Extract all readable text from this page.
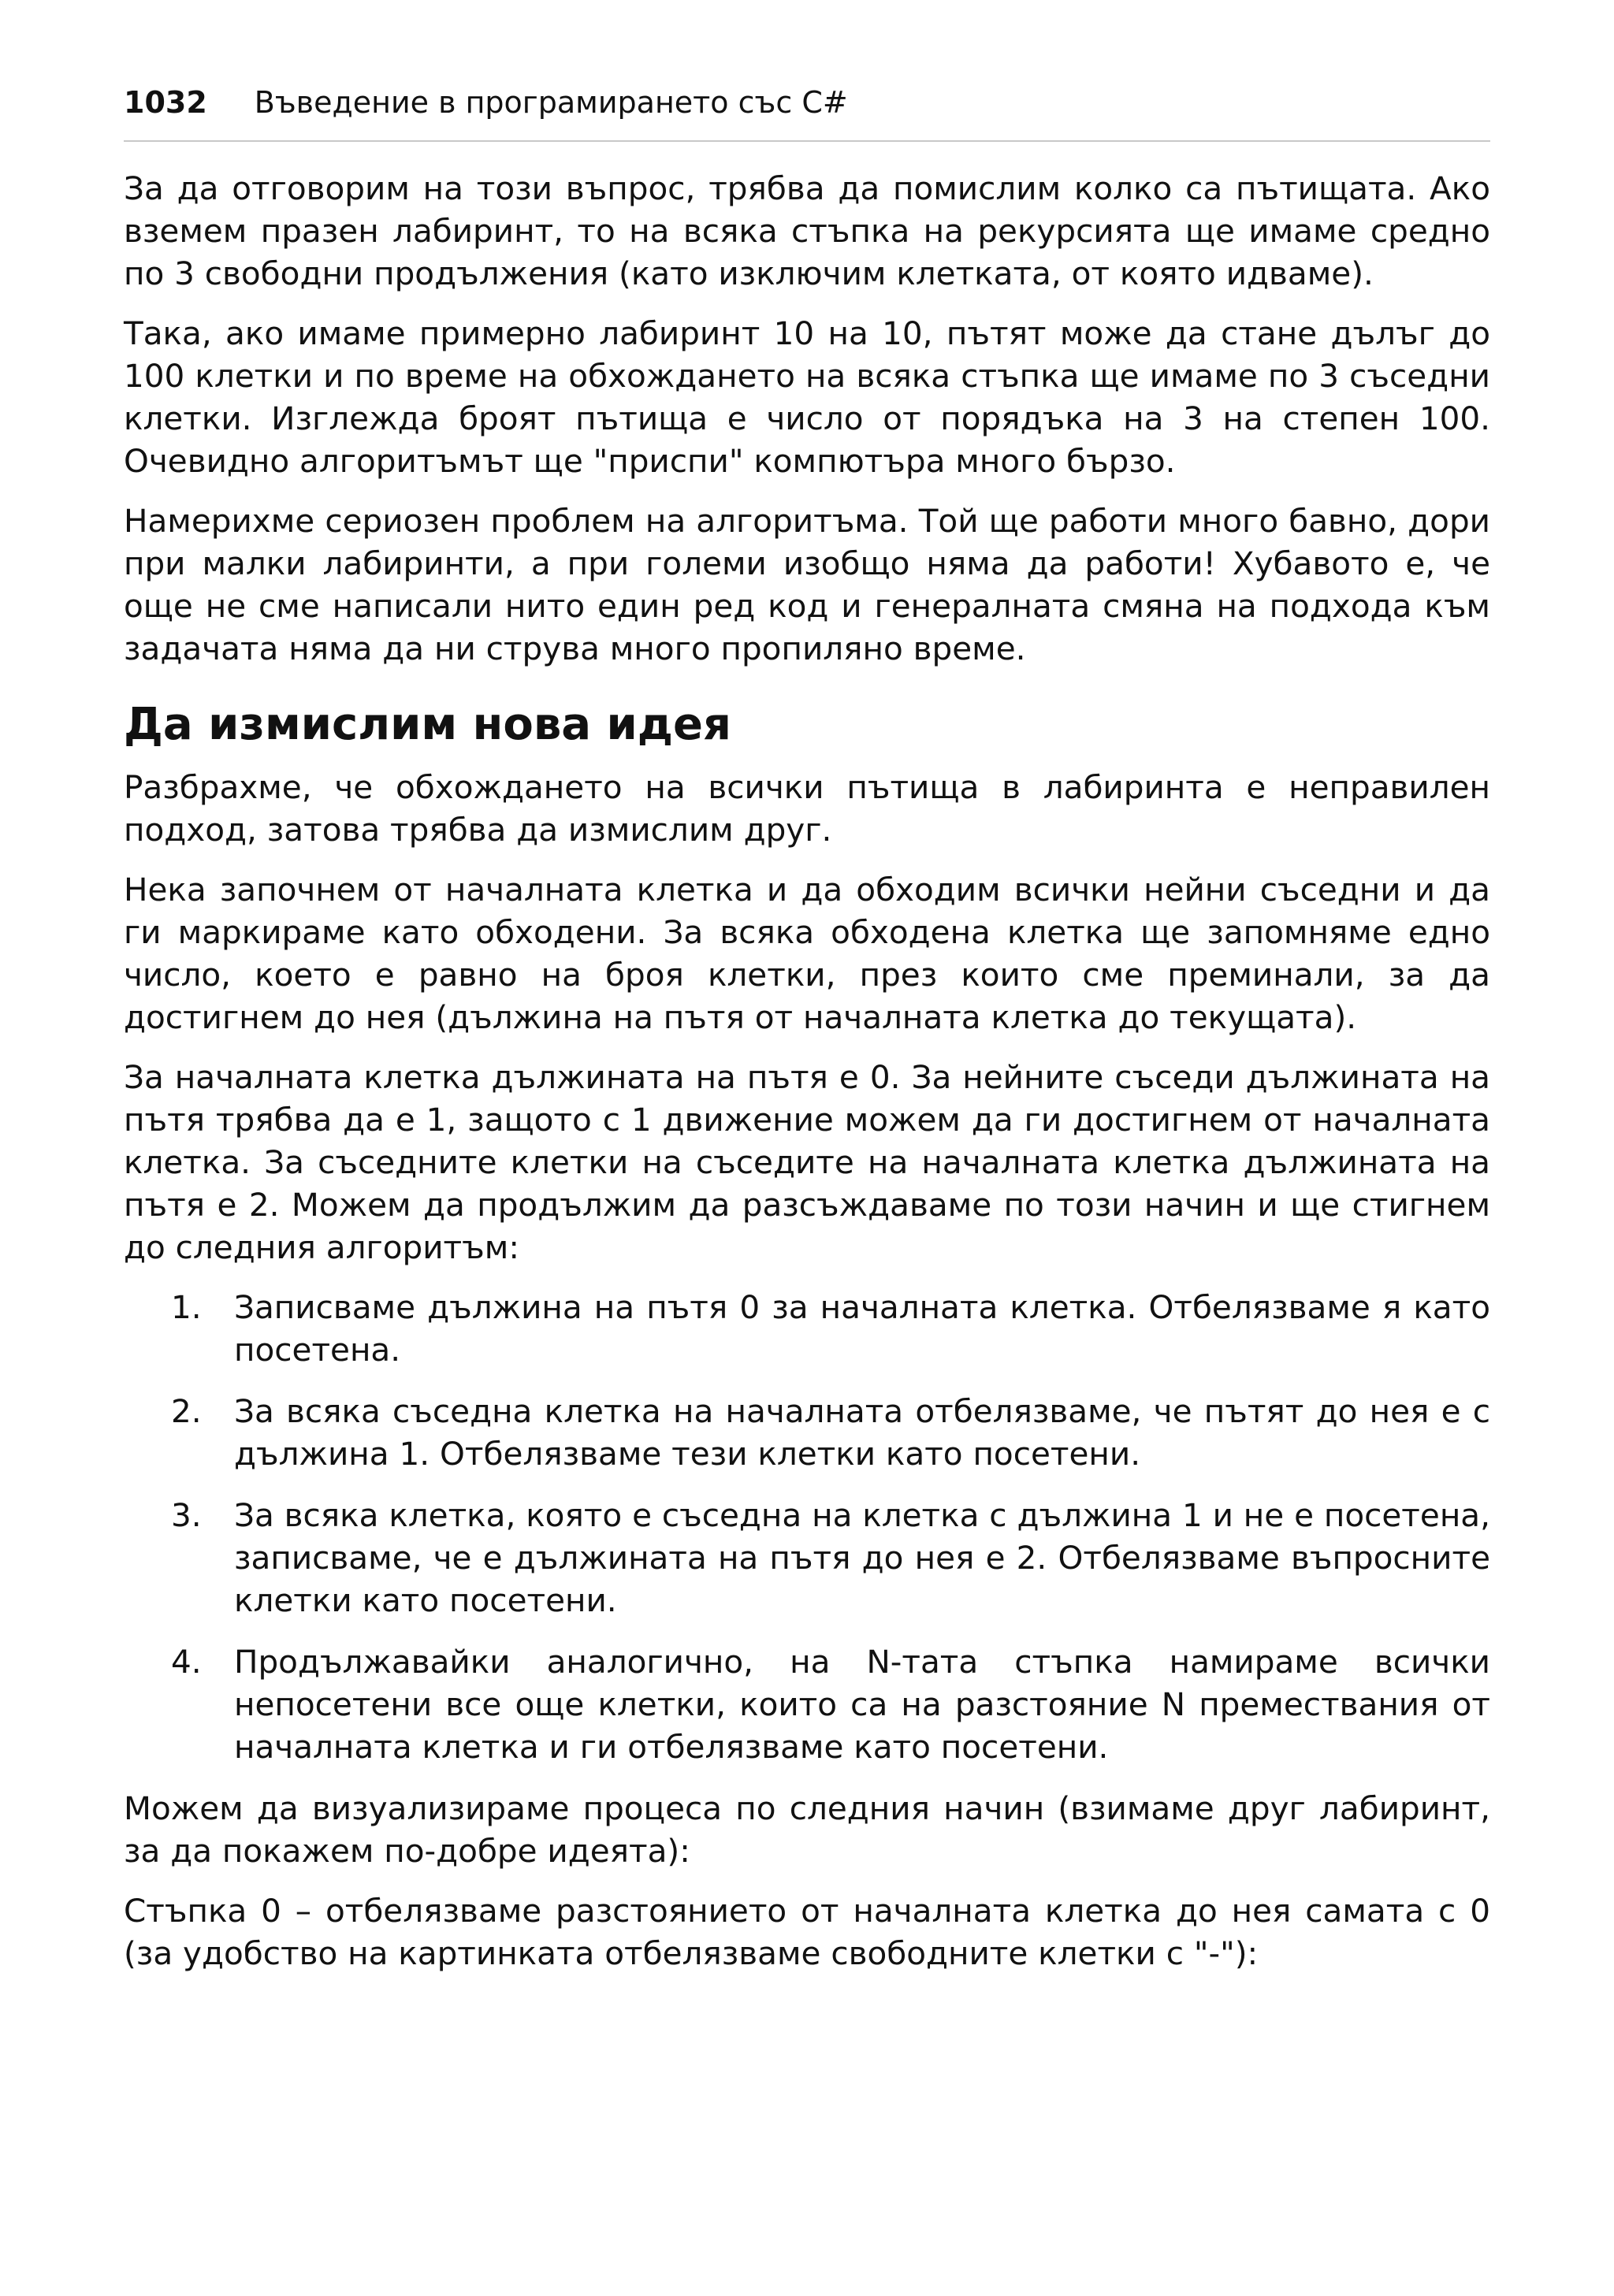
1032 Въведение в програмирането със C#

За да отговорим на този въпрос, трябва да помислим колко са пътищата. Ако вземем празен лабиринт, то на всяка стъпка на рекурсията ще имаме средно по 3 свободни продължения (като изключим клетката, от която идваме).

Така, ако имаме примерно лабиринт 10 на 10, пътят може да стане дълъг до 100 клетки и по време на обхождането на всяка стъпка ще имаме по 3 съседни клетки. Изглежда броят пътища е число от порядъка на 3 на степен 100. Очевидно алгоритъмът ще "приспи" компютъра много бързо.

Намерихме сериозен проблем на алгоритъма. Той ще работи много бавно, дори при малки лабиринти, а при големи изобщо няма да работи! Хубавото е, че още не сме написали нито един ред код и генералната смяна на подхода към задачата няма да ни струва много пропиляно време.

Да измислим нова идея

Разбрахме, че обхождането на всички пътища в лабиринта е неправилен подход, затова трябва да измислим друг.

Нека започнем от началната клетка и да обходим всички нейни съседни и да ги маркираме като обходени. За всяка обходена клетка ще запомняме едно число, което е равно на броя клетки, през които сме преминали, за да достигнем до нея (дължина на пътя от началната клетка до текущата).

За началната клетка дължината на пътя е 0. За нейните съседи дължината на пътя трябва да е 1, защото с 1 движение можем да ги достигнем от началната клетка. За съседните клетки на съседите на началната клетка дължината на пътя е 2. Можем да продължим да разсъждаваме по този начин и ще стигнем до следния алгоритъм:

1. Записваме дължина на пътя 0 за началната клетка. Отбелязваме я като посетена.
2. За всяка съседна клетка на началната отбелязваме, че пътят до нея е с дължина 1. Отбелязваме тези клетки като посетени.
3. За всяка клетка, която е съседна на клетка с дължина 1 и не е посетена, записваме, че е дължината на пътя до нея е 2. Отбелязваме въпросните клетки като посетени.
4. Продължавайки аналогично, на N-тата стъпка намираме всички непосетени все още клетки, които са на разстояние N премествания от началната клетка и ги отбелязваме като посетени.

Можем да визуализираме процеса по следния начин (взимаме друг лабиринт, за да покажем по-добре идеята):

Стъпка 0 – отбелязваме разстоянието от началната клетка до нея самата с 0 (за удобство на картинката отбелязваме свободните клетки с "-"):
